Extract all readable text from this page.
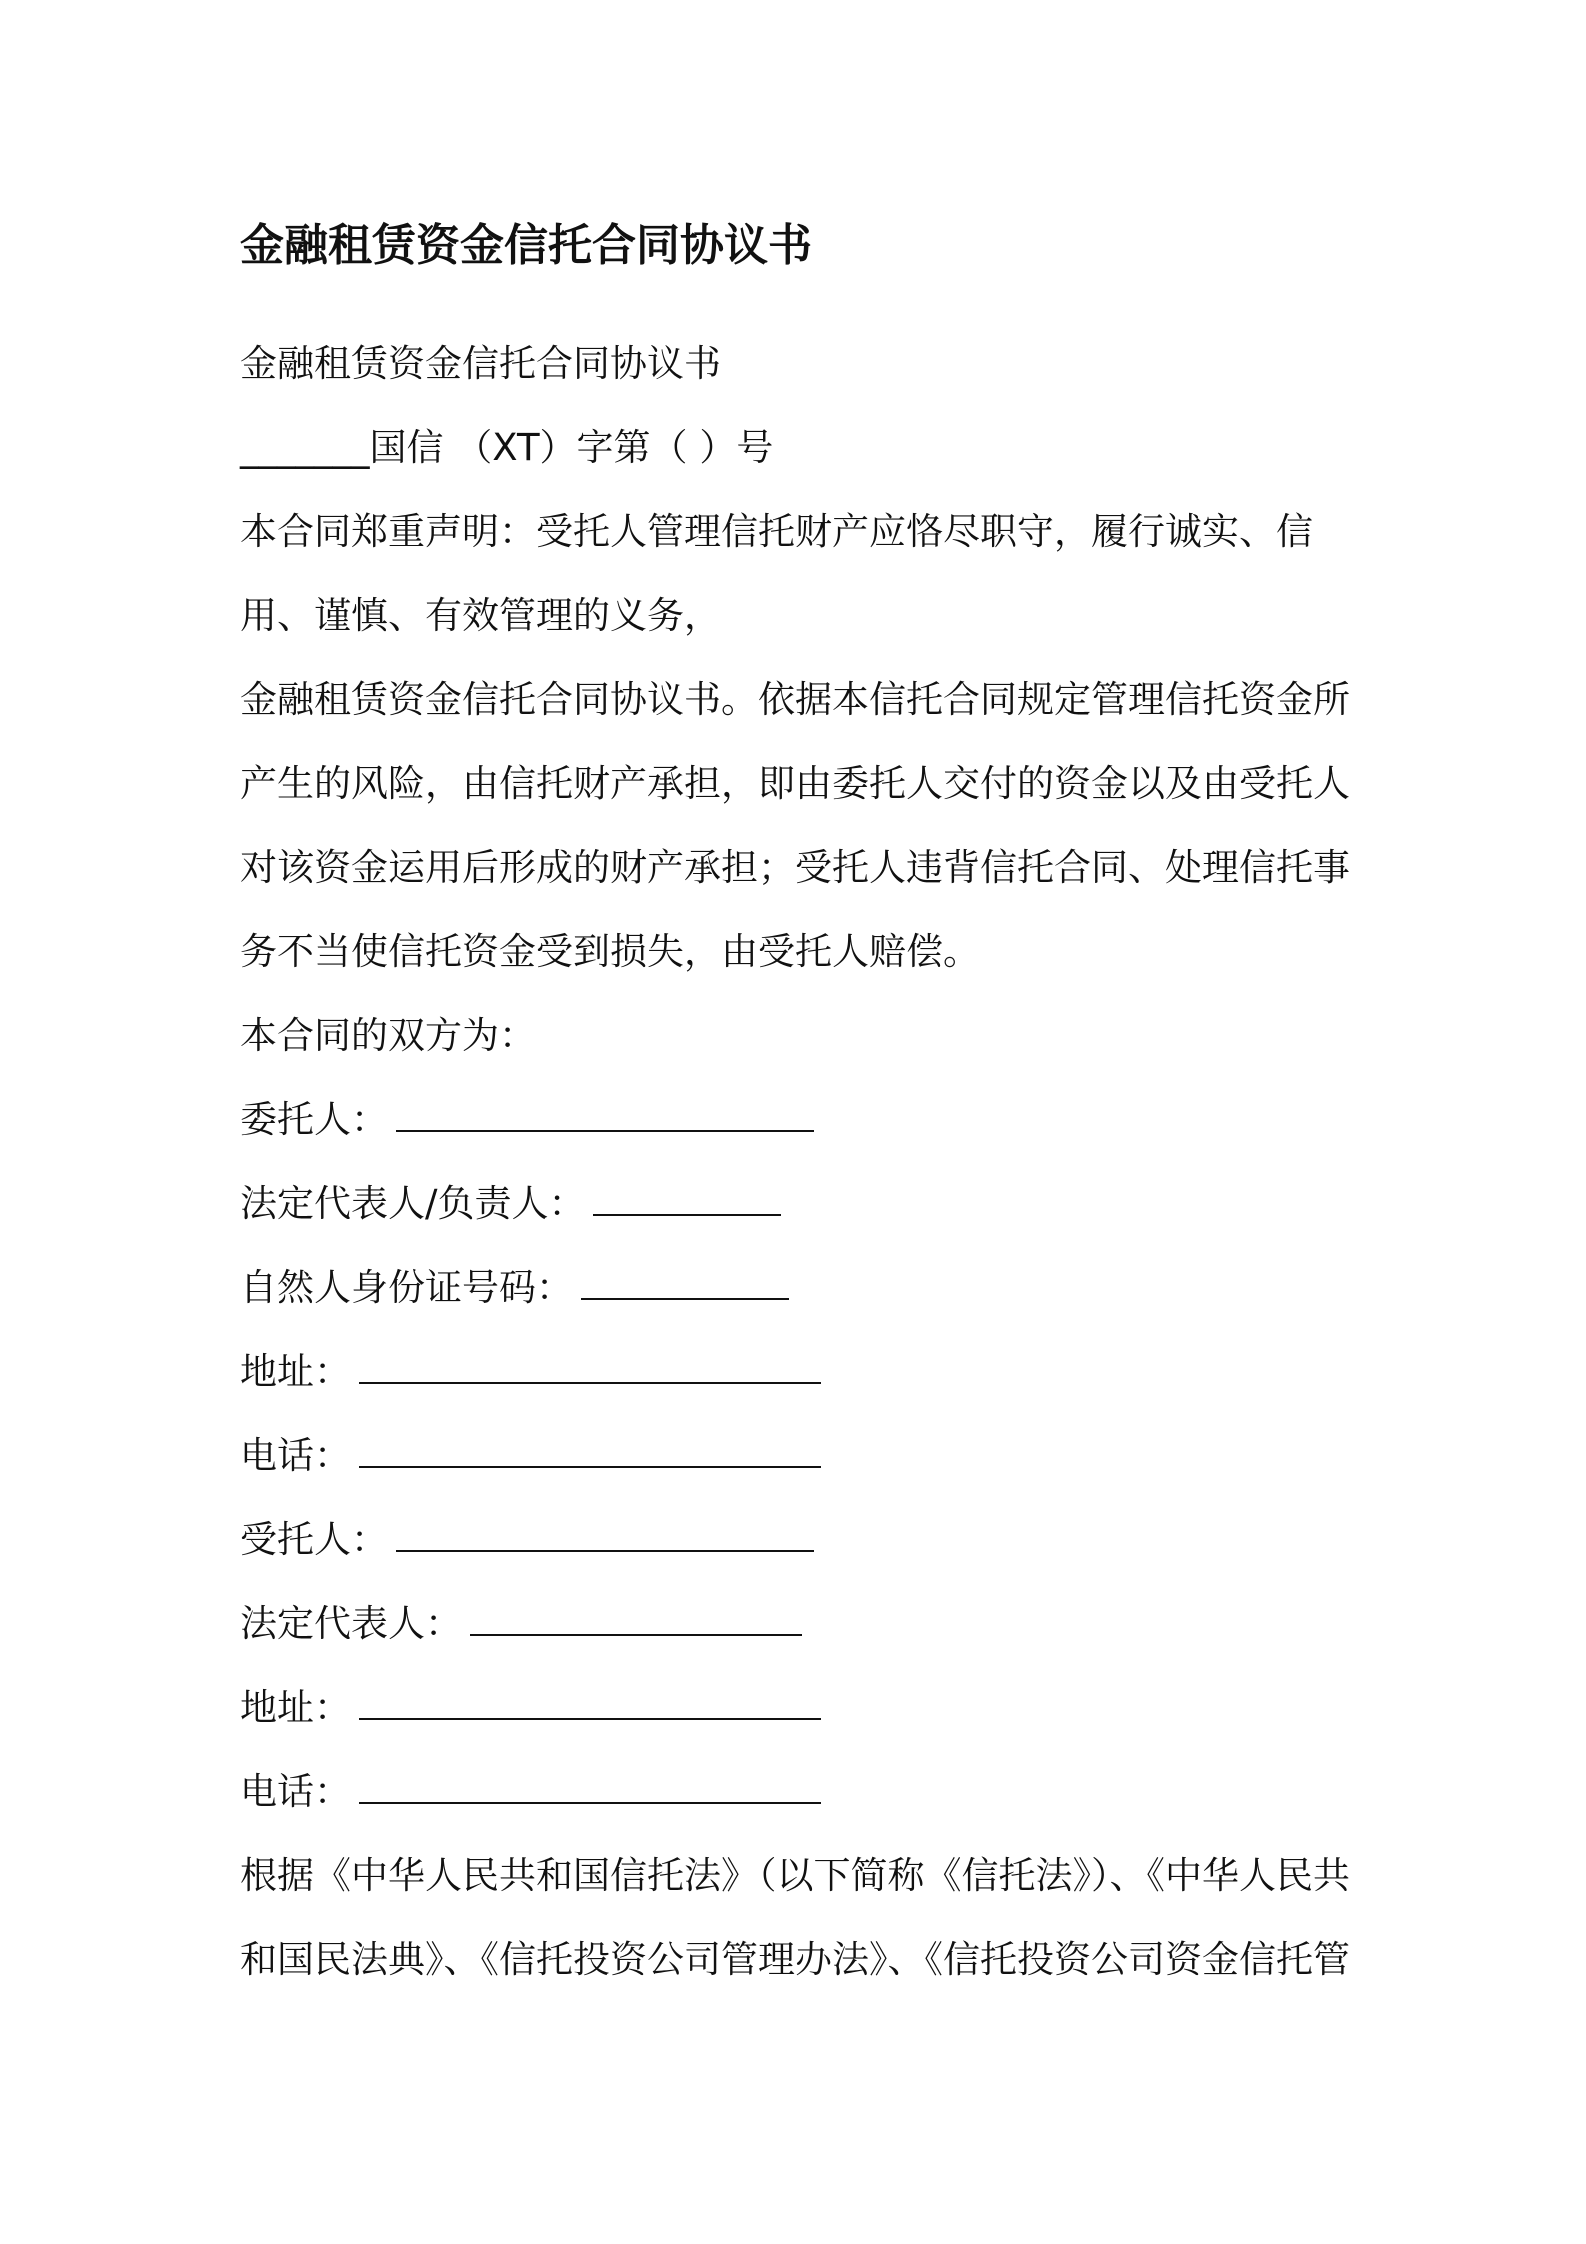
金融租赁资金信托合同协议书
金融租赁资金信托合同协议书
_______国信 （XT）字第（ ）号
本合同郑重声明：受托人管理信托财产应恪尽职守，履行诚实、信用、谨慎、有效管理的义务，
金融租赁资金信托合同协议书。依据本信托合同规定管理信托资金所产生的风险，由信托财产承担，即由委托人交付的资金以及由受托人对该资金运用后形成的财产承担；受托人违背信托合同、处理信托事务不当使信托资金受到损失，由受托人赔偿。
本合同的双方为：
委托人：
法定代表人/负责人：
自然人身份证号码：
地址：
电话：
受托人：
法定代表人：
地址：
电话：
根据《中华人民共和国信托法》（以下简称《信托法》）、《中华人民共和国民法典》、《信托投资公司管理办法》、《信托投资公司资金信托管
